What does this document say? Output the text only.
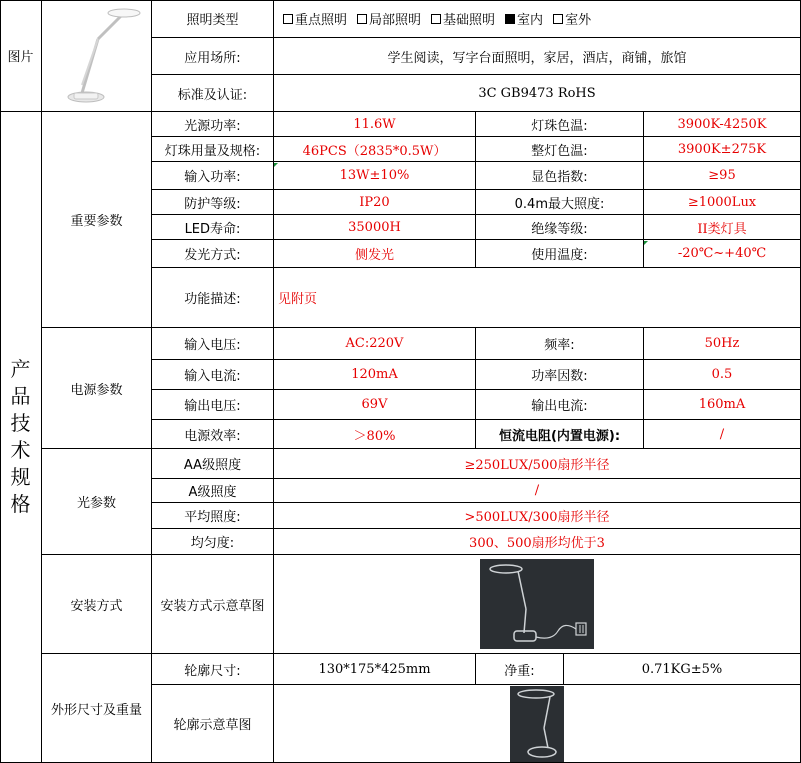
图片
照明类型	重点照明 局部照明 基础照明 室内 室外
应用场所:	学生阅读，写字台面照明，家居，酒店，商铺，旅馆
标准及认证:	3C GB9473 RoHS
产
品
技
术
规
格
重要参数
光源功率:	11.6W	灯珠色温:	3900K-4250K
灯珠用量及规格:	46PCS（2835*0.5W）	整灯色温:	3900K±275K
输入功率:	13W±10%	显色指数:	≥95
防护等级:	IP20	0.4m最大照度:	≥1000Lux
LED寿命:	35000H	绝缘等级:	II类灯具
发光方式:	侧发光	使用温度:	-20℃~+40℃
功能描述:	见附页
电源参数
输入电压:	AC:220V	频率:	50Hz
输入电流:	120mA	功率因数:	0.5
输出电压:	69V	输出电流:	160mA
电源效率:	＞80%	恒流电阻(内置电源):	/
光参数
AA级照度	≥250LUX/500扇形半径
A级照度	/
平均照度:	>500LUX/300扇形半径
均匀度:	300、500扇形均优于3
安装方式	安装方式示意草图
外形尺寸及重量
轮廓尺寸:	130*175*425mm	净重:	0.71KG±5%
轮廓示意草图
